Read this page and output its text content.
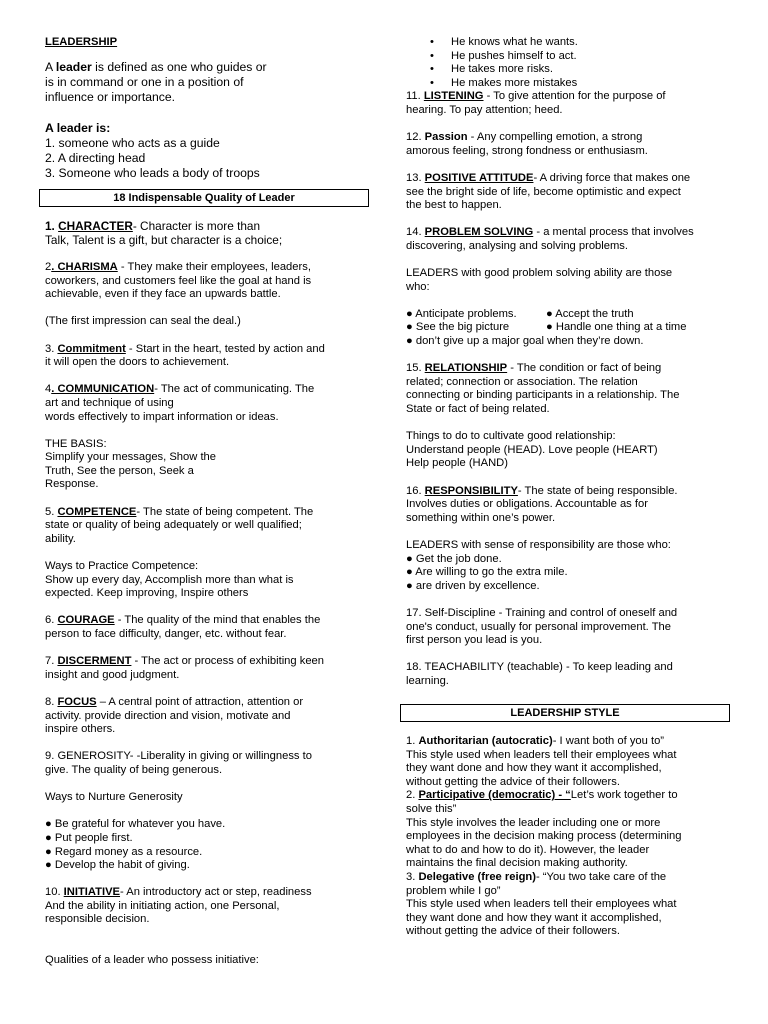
LEADERSHIP

A leader is defined as one who guides or
is in command or one in a position of
influence or importance.

A leader is:

1. someone who acts as a guide

2. A directing head

3. Someone who leads a body of troops

18 Indispensable Quality of Leader

1. CHARACTER- Character is more than
Talk, Talent is a gift, but character is a choice;

2. CHARISMA - They make their employees, leaders,
coworkers, and customers feel like the goal at hand is
achievable, even if they face an upwards battle.

(The first impression can seal the deal.)

3. Commitment - Start in the heart, tested by action and
it will open the doors to achievement.

4. COMMUNICATION- The act of communicating. The
art and technique of using
words effectively to impart information or ideas.

THE BASIS:
Simplify your messages, Show the
Truth, See the person, Seek a
Response.

5. COMPETENCE- The state of being competent. The
state or quality of being adequately or well qualified;
ability.

Ways to Practice Competence:
Show up every day, Accomplish more than what is
expected. Keep improving, Inspire others

6. COURAGE - The quality of the mind that enables the
person to face difficulty, danger, etc. without fear.

7. DISCERMENT - The act or process of exhibiting keen
insight and good judgment.

8. FOCUS – A central point of attraction, attention or
activity. provide direction and vision, motivate and
inspire others.

9. GENEROSITY- -Liberality in giving or willingness to
give. The quality of being generous.

Ways to Nurture Generosity

● Be grateful for whatever you have.

● Put people first.

● Regard money as a resource.

● Develop the habit of giving.

10. INITIATIVE- An introductory act or step, readiness
And the ability in initiating action, one Personal,
responsible decision.

Qualities of a leader who possess initiative:

• He knows what he wants.
• He pushes himself to act.
• He takes more risks.
• He makes more mistakes

11. LISTENING - To give attention for the purpose of
hearing. To pay attention; heed.

12. Passion - Any compelling emotion, a strong
amorous feeling, strong fondness or enthusiasm.

13. POSITIVE ATTITUDE- A driving force that makes one
see the bright side of life, become optimistic and expect
the best to happen.

14. PROBLEM SOLVING - a mental process that involves
discovering, analysing and solving problems.

LEADERS with good problem solving ability are those
who:

● Anticipate problems.	● Accept the truth

● See the big picture	● Handle one thing at a time

● don’t give up a major goal when they’re down.

15. RELATIONSHIP - The condition or fact of being
related; connection or association. The relation
connecting or binding participants in a relationship. The
State or fact of being related.

Things to do to cultivate good relationship:
Understand people (HEAD). Love people (HEART)
Help people (HAND)

16. RESPONSIBILITY- The state of being responsible.
Involves duties or obligations. Accountable as for
something within one’s power.

LEADERS with sense of responsibility are those who:

● Get the job done.

● Are willing to go the extra mile.

● are driven by excellence.

17. Self-Discipline - Training and control of oneself and
one's conduct, usually for personal improvement. The
first person you lead is you.

18. TEACHABILITY (teachable) - To keep leading and
learning.

LEADERSHIP STYLE

1. Authoritarian (autocratic)- I want both of you to”
This style used when leaders tell their employees what
they want done and how they want it accomplished,
without getting the advice of their followers.

2. Participative (democratic) - “Let’s work together to
solve this”
This style involves the leader including one or more
employees in the decision making process (determining
what to do and how to do it). However, the leader
maintains the final decision making authority.

3. Delegative (free reign)- “You two take care of the
problem while I go”
This style used when leaders tell their employees what
they want done and how they want it accomplished,
without getting the advice of their followers.
